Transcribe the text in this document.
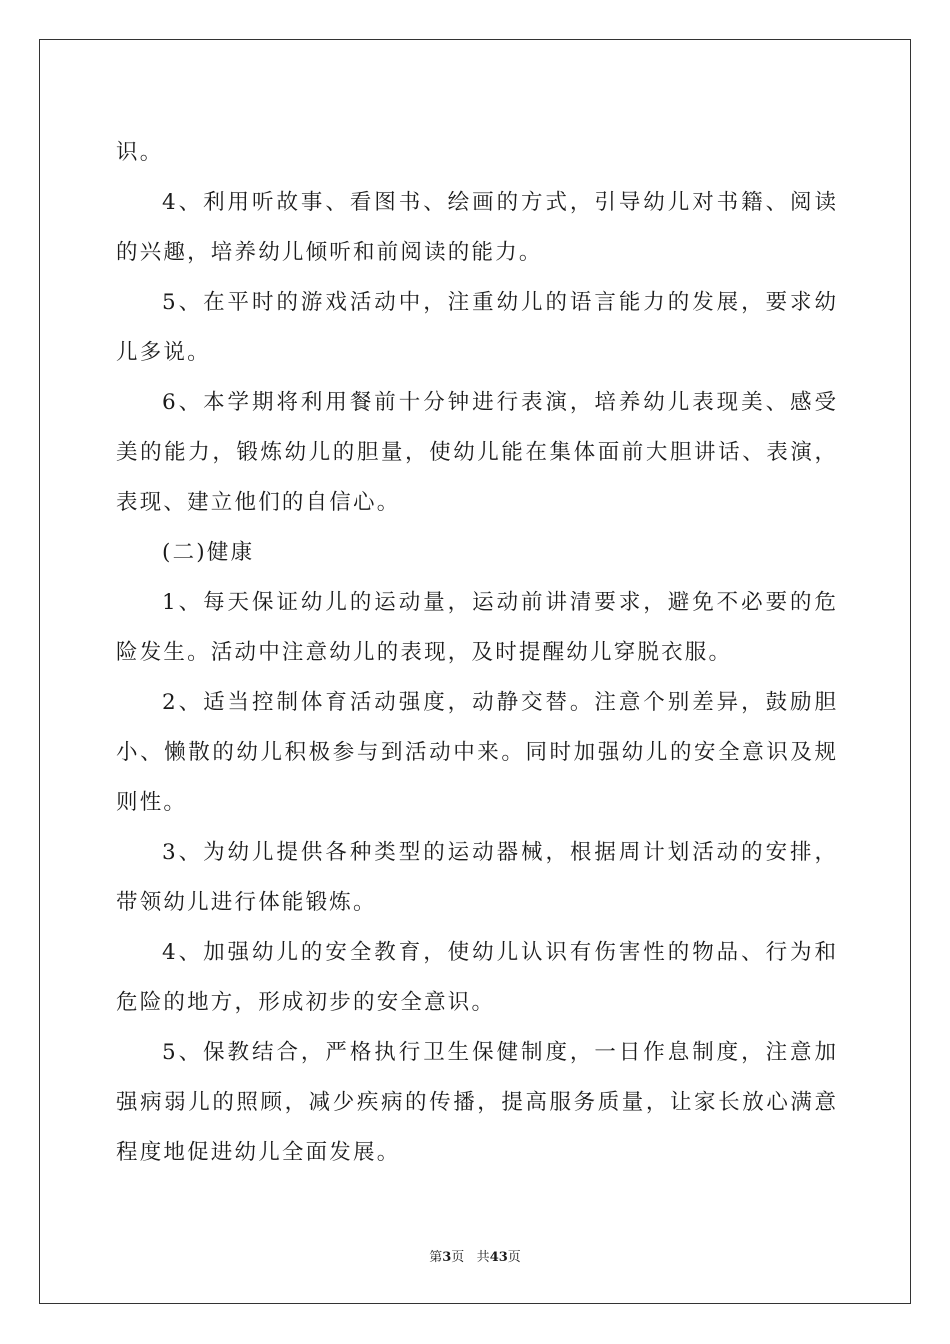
识。
4、利用听故事、看图书、绘画的方式，引导幼儿对书籍、阅读
的兴趣，培养幼儿倾听和前阅读的能力。
5、在平时的游戏活动中，注重幼儿的语言能力的发展，要求幼
儿多说。
6、本学期将利用餐前十分钟进行表演，培养幼儿表现美、感受
美的能力，锻炼幼儿的胆量，使幼儿能在集体面前大胆讲话、表演，
表现、建立他们的自信心。
(二)健康
1、每天保证幼儿的运动量，运动前讲清要求，避免不必要的危
险发生。活动中注意幼儿的表现，及时提醒幼儿穿脱衣服。
2、适当控制体育活动强度，动静交替。注意个别差异，鼓励胆
小、懒散的幼儿积极参与到活动中来。同时加强幼儿的安全意识及规
则性。
3、为幼儿提供各种类型的运动器械，根据周计划活动的安排，
带领幼儿进行体能锻炼。
4、加强幼儿的安全教育，使幼儿认识有伤害性的物品、行为和
危险的地方，形成初步的安全意识。
5、保教结合，严格执行卫生保健制度，一日作息制度，注意加
强病弱儿的照顾，减少疾病的传播，提高服务质量，让家长放心满意
程度地促进幼儿全面发展。
第3页 共43页
